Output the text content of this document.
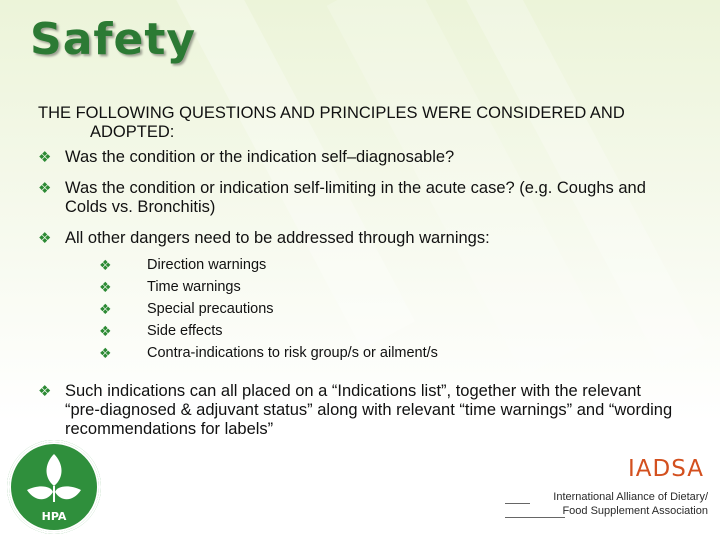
Safety
THE FOLLOWING QUESTIONS AND PRINCIPLES WERE CONSIDERED AND
ADOPTED:
❖ Was the condition or the indication self–diagnosable?
❖ Was the condition or indication self-limiting in the acute case? (e.g. Coughs and Colds vs. Bronchitis)
❖ All other dangers need to be addressed through warnings:
❖ Direction warnings
❖ Time warnings
❖ Special precautions
❖ Side effects
❖ Contra-indications to risk group/s or ailment/s
❖ Such indications can all placed on a “Indications list”, together with the relevant “pre-diagnosed & adjuvant status” along with relevant “time warnings” and “wording recommendations for labels”
HPA
IADSA
International Alliance of Dietary/
Food Supplement Association
